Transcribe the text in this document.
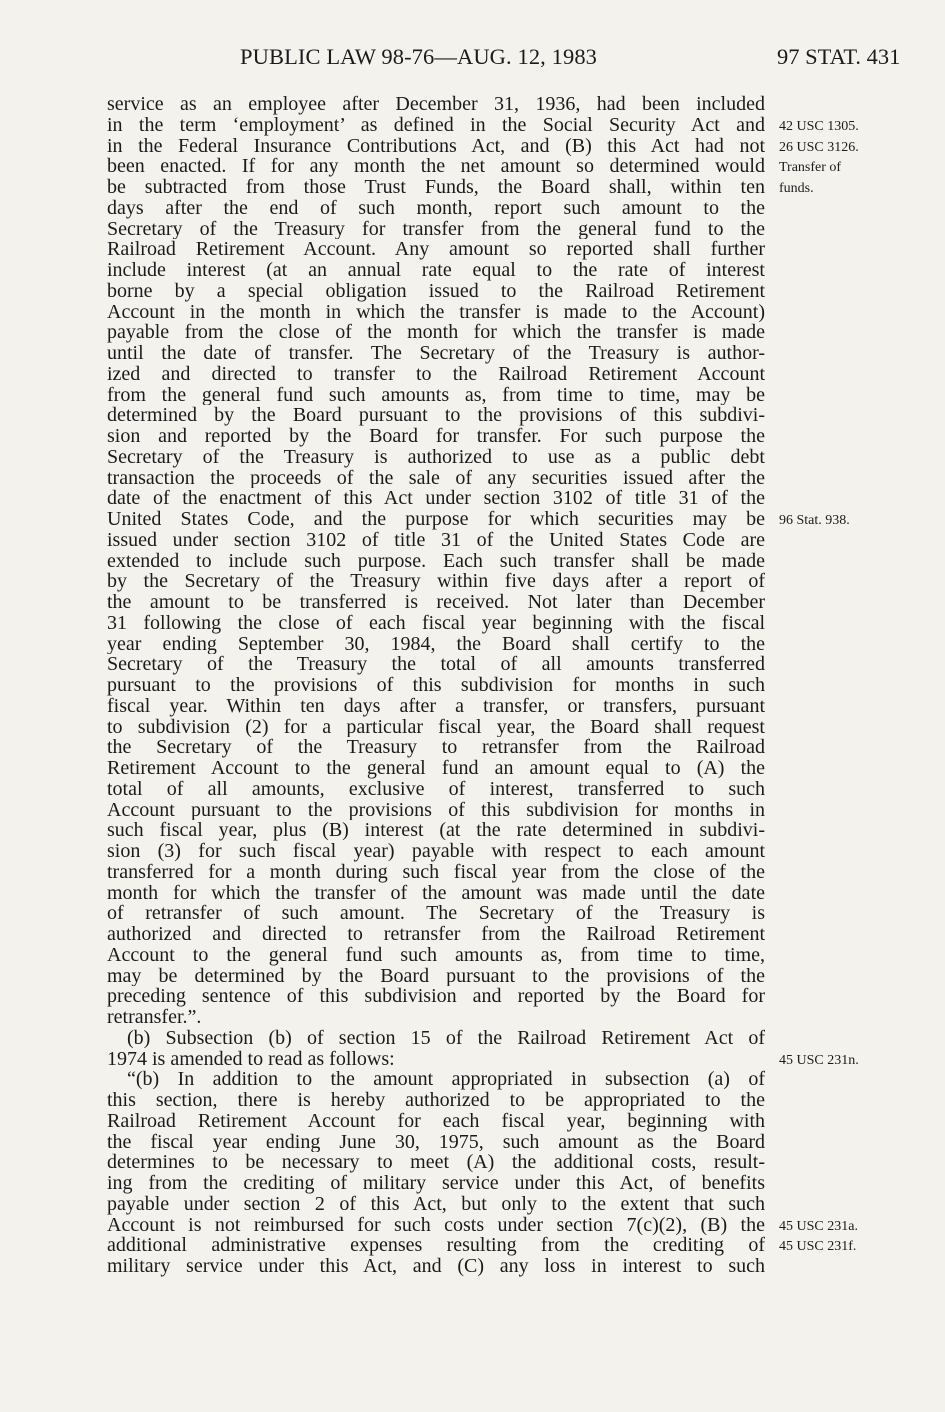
PUBLIC LAW 98-76—AUG. 12, 1983	97 STAT. 431
service as an employee after December 31, 1936, had been included
in the term ‘employment’ as defined in the Social Security Act and
in the Federal Insurance Contributions Act, and (B) this Act had not
been enacted. If for any month the net amount so determined would
be subtracted from those Trust Funds, the Board shall, within ten
days after the end of such month, report such amount to the
Secretary of the Treasury for transfer from the general fund to the
Railroad Retirement Account. Any amount so reported shall further
include interest (at an annual rate equal to the rate of interest
borne by a special obligation issued to the Railroad Retirement
Account in the month in which the transfer is made to the Account)
payable from the close of the month for which the transfer is made
until the date of transfer. The Secretary of the Treasury is author-
ized and directed to transfer to the Railroad Retirement Account
from the general fund such amounts as, from time to time, may be
determined by the Board pursuant to the provisions of this subdivi-
sion and reported by the Board for transfer. For such purpose the
Secretary of the Treasury is authorized to use as a public debt
transaction the proceeds of the sale of any securities issued after the
date of the enactment of this Act under section 3102 of title 31 of the
United States Code, and the purpose for which securities may be
issued under section 3102 of title 31 of the United States Code are
extended to include such purpose. Each such transfer shall be made
by the Secretary of the Treasury within five days after a report of
the amount to be transferred is received. Not later than December
31 following the close of each fiscal year beginning with the fiscal
year ending September 30, 1984, the Board shall certify to the
Secretary of the Treasury the total of all amounts transferred
pursuant to the provisions of this subdivision for months in such
fiscal year. Within ten days after a transfer, or transfers, pursuant
to subdivision (2) for a particular fiscal year, the Board shall request
the Secretary of the Treasury to retransfer from the Railroad
Retirement Account to the general fund an amount equal to (A) the
total of all amounts, exclusive of interest, transferred to such
Account pursuant to the provisions of this subdivision for months in
such fiscal year, plus (B) interest (at the rate determined in subdivi-
sion (3) for such fiscal year) payable with respect to each amount
transferred for a month during such fiscal year from the close of the
month for which the transfer of the amount was made until the date
of retransfer of such amount. The Secretary of the Treasury is
authorized and directed to retransfer from the Railroad Retirement
Account to the general fund such amounts as, from time to time,
may be determined by the Board pursuant to the provisions of the
preceding sentence of this subdivision and reported by the Board for
retransfer.”.
(b) Subsection (b) of section 15 of the Railroad Retirement Act of
1974 is amended to read as follows:
“(b) In addition to the amount appropriated in subsection (a) of
this section, there is hereby authorized to be appropriated to the
Railroad Retirement Account for each fiscal year, beginning with
the fiscal year ending June 30, 1975, such amount as the Board
determines to be necessary to meet (A) the additional costs, result-
ing from the crediting of military service under this Act, of benefits
payable under section 2 of this Act, but only to the extent that such
Account is not reimbursed for such costs under section 7(c)(2), (B) the
additional administrative expenses resulting from the crediting of
military service under this Act, and (C) any loss in interest to such
42 USC 1305.
26 USC 3126.
Transfer of
funds.
96 Stat. 938.
45 USC 231n.
45 USC 231a.
45 USC 231f.
